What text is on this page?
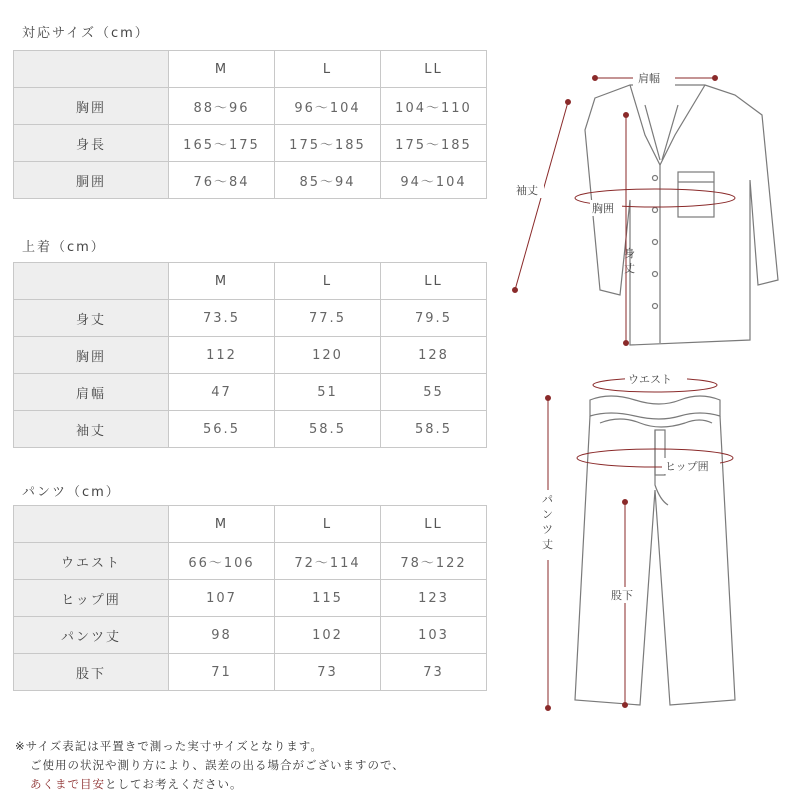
対応サイズ（cm）
	M	L	LL
胸囲	88～96	96～104	104～110
身長	165～175	175～185	175～185
胴囲	76～84	85～94	94～104
上着（cm）
	M	L	LL
身丈	73.5	77.5	79.5
胸囲	112	120	128
肩幅	47	51	55
袖丈	56.5	58.5	58.5
パンツ（cm）
	M	L	LL
ウエスト	66～106	72～114	78～122
ヒップ囲	107	115	123
パンツ丈	98	102	103
股下	71	73	73
※サイズ表記は平置きで測った実寸サイズとなります。
ご使用の状況や測り方により、誤差の出る場合がございますので、
あくまで目安としてお考えください。
肩幅
袖丈
胸囲
身
丈
ウエスト
ヒップ囲
パ
ン
ツ
丈
股下
